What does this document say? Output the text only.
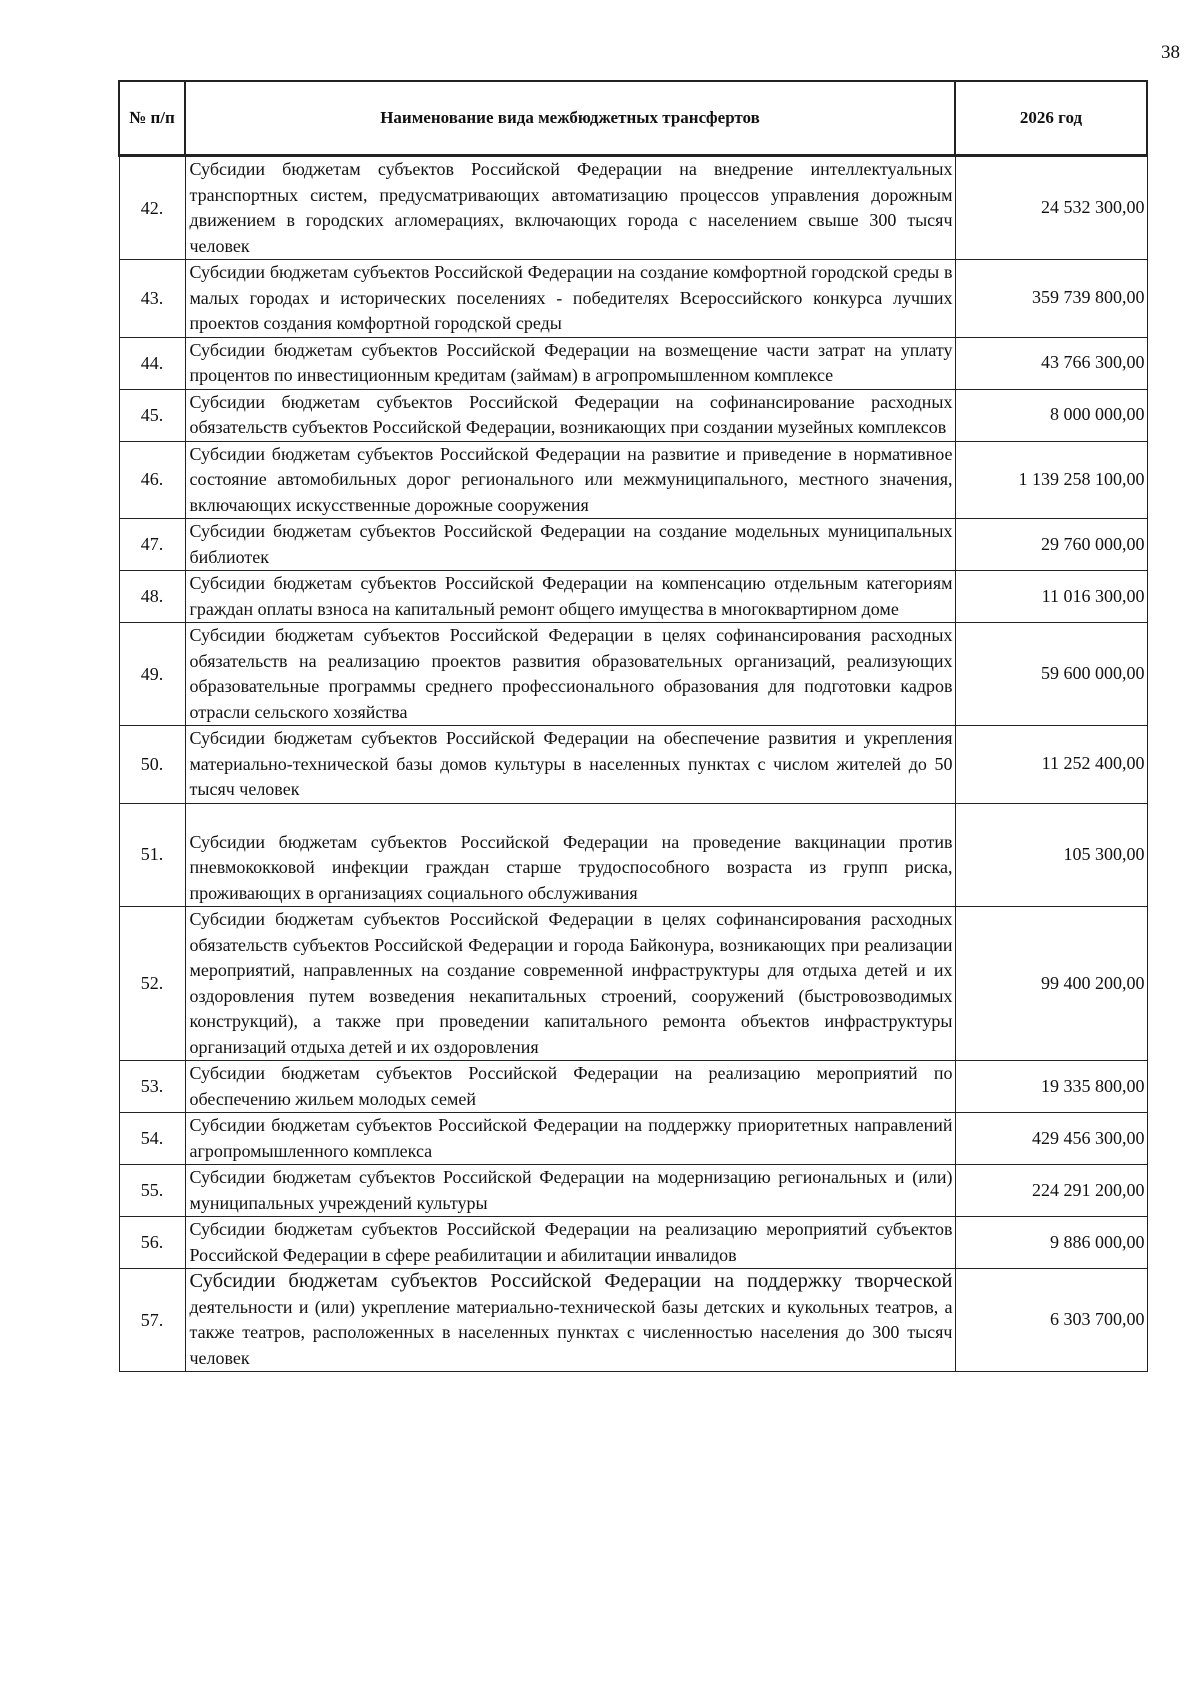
38
№ п/п	Наименование вида межбюджетных трансфертов	2026 год
42.	Субсидии бюджетам субъектов Российской Федерации на внедрение интеллектуальных транспортных систем, предусматривающих автоматизацию процессов управления дорожным движением в городских агломерациях, включающих города с населением свыше 300 тысяч человек	24 532 300,00
43.	Субсидии бюджетам субъектов Российской Федерации на создание комфортной городской среды в малых городах и исторических поселениях - победителях Всероссийского конкурса лучших проектов создания комфортной городской среды	359 739 800,00
44.	Субсидии бюджетам субъектов Российской Федерации на возмещение части затрат на уплату процентов по инвестиционным кредитам (займам) в агропромышленном комплексе	43 766 300,00
45.	Субсидии бюджетам субъектов Российской Федерации на софинансирование расходных обязательств субъектов Российской Федерации, возникающих при создании музейных комплексов	8 000 000,00
46.	Субсидии бюджетам субъектов Российской Федерации на развитие и приведение в нормативное состояние автомобильных дорог регионального или межмуниципального, местного значения, включающих искусственные дорожные сооружения	1 139 258 100,00
47.	Субсидии бюджетам субъектов Российской Федерации на создание модельных муниципальных библиотек	29 760 000,00
48.	Субсидии бюджетам субъектов Российской Федерации на компенсацию отдельным категориям граждан оплаты взноса на капитальный ремонт общего имущества в многоквартирном доме	11 016 300,00
49.	Субсидии бюджетам субъектов Российской Федерации в целях софинансирования расходных обязательств на реализацию проектов развития образовательных организаций, реализующих образовательные программы среднего профессионального образования для подготовки кадров отрасли сельского хозяйства	59 600 000,00
50.	Субсидии бюджетам субъектов Российской Федерации на обеспечение развития и укрепления материально-технической базы домов культуры в населенных пунктах с числом жителей до 50 тысяч человек	11 252 400,00
51.	Субсидии бюджетам субъектов Российской Федерации на проведение вакцинации против пневмококковой инфекции граждан старше трудоспособного возраста из групп риска, проживающих в организациях социального обслуживания	105 300,00
52.	Субсидии бюджетам субъектов Российской Федерации в целях софинансирования расходных обязательств субъектов Российской Федерации и города Байконура, возникающих при реализации мероприятий, направленных на создание современной инфраструктуры для отдыха детей и их оздоровления путем возведения некапитальных строений, сооружений (быстровозводимых конструкций), а также при проведении капитального ремонта объектов инфраструктуры организаций отдыха детей и их оздоровления	99 400 200,00
53.	Субсидии бюджетам субъектов Российской Федерации на реализацию мероприятий по обеспечению жильем молодых семей	19 335 800,00
54.	Субсидии бюджетам субъектов Российской Федерации на поддержку приоритетных направлений агропромышленного комплекса	429 456 300,00
55.	Субсидии бюджетам субъектов Российской Федерации на модернизацию региональных и (или) муниципальных учреждений культуры	224 291 200,00
56.	Субсидии бюджетам субъектов Российской Федерации на реализацию мероприятий субъектов Российской Федерации в сфере реабилитации и абилитации инвалидов	9 886 000,00
57.	Субсидии бюджетам субъектов Российской Федерации на поддержку творческой деятельности и (или) укрепление материально-технической базы детских и кукольных театров, а также театров, расположенных в населенных пунктах с численностью населения до 300 тысяч человек	6 303 700,00
